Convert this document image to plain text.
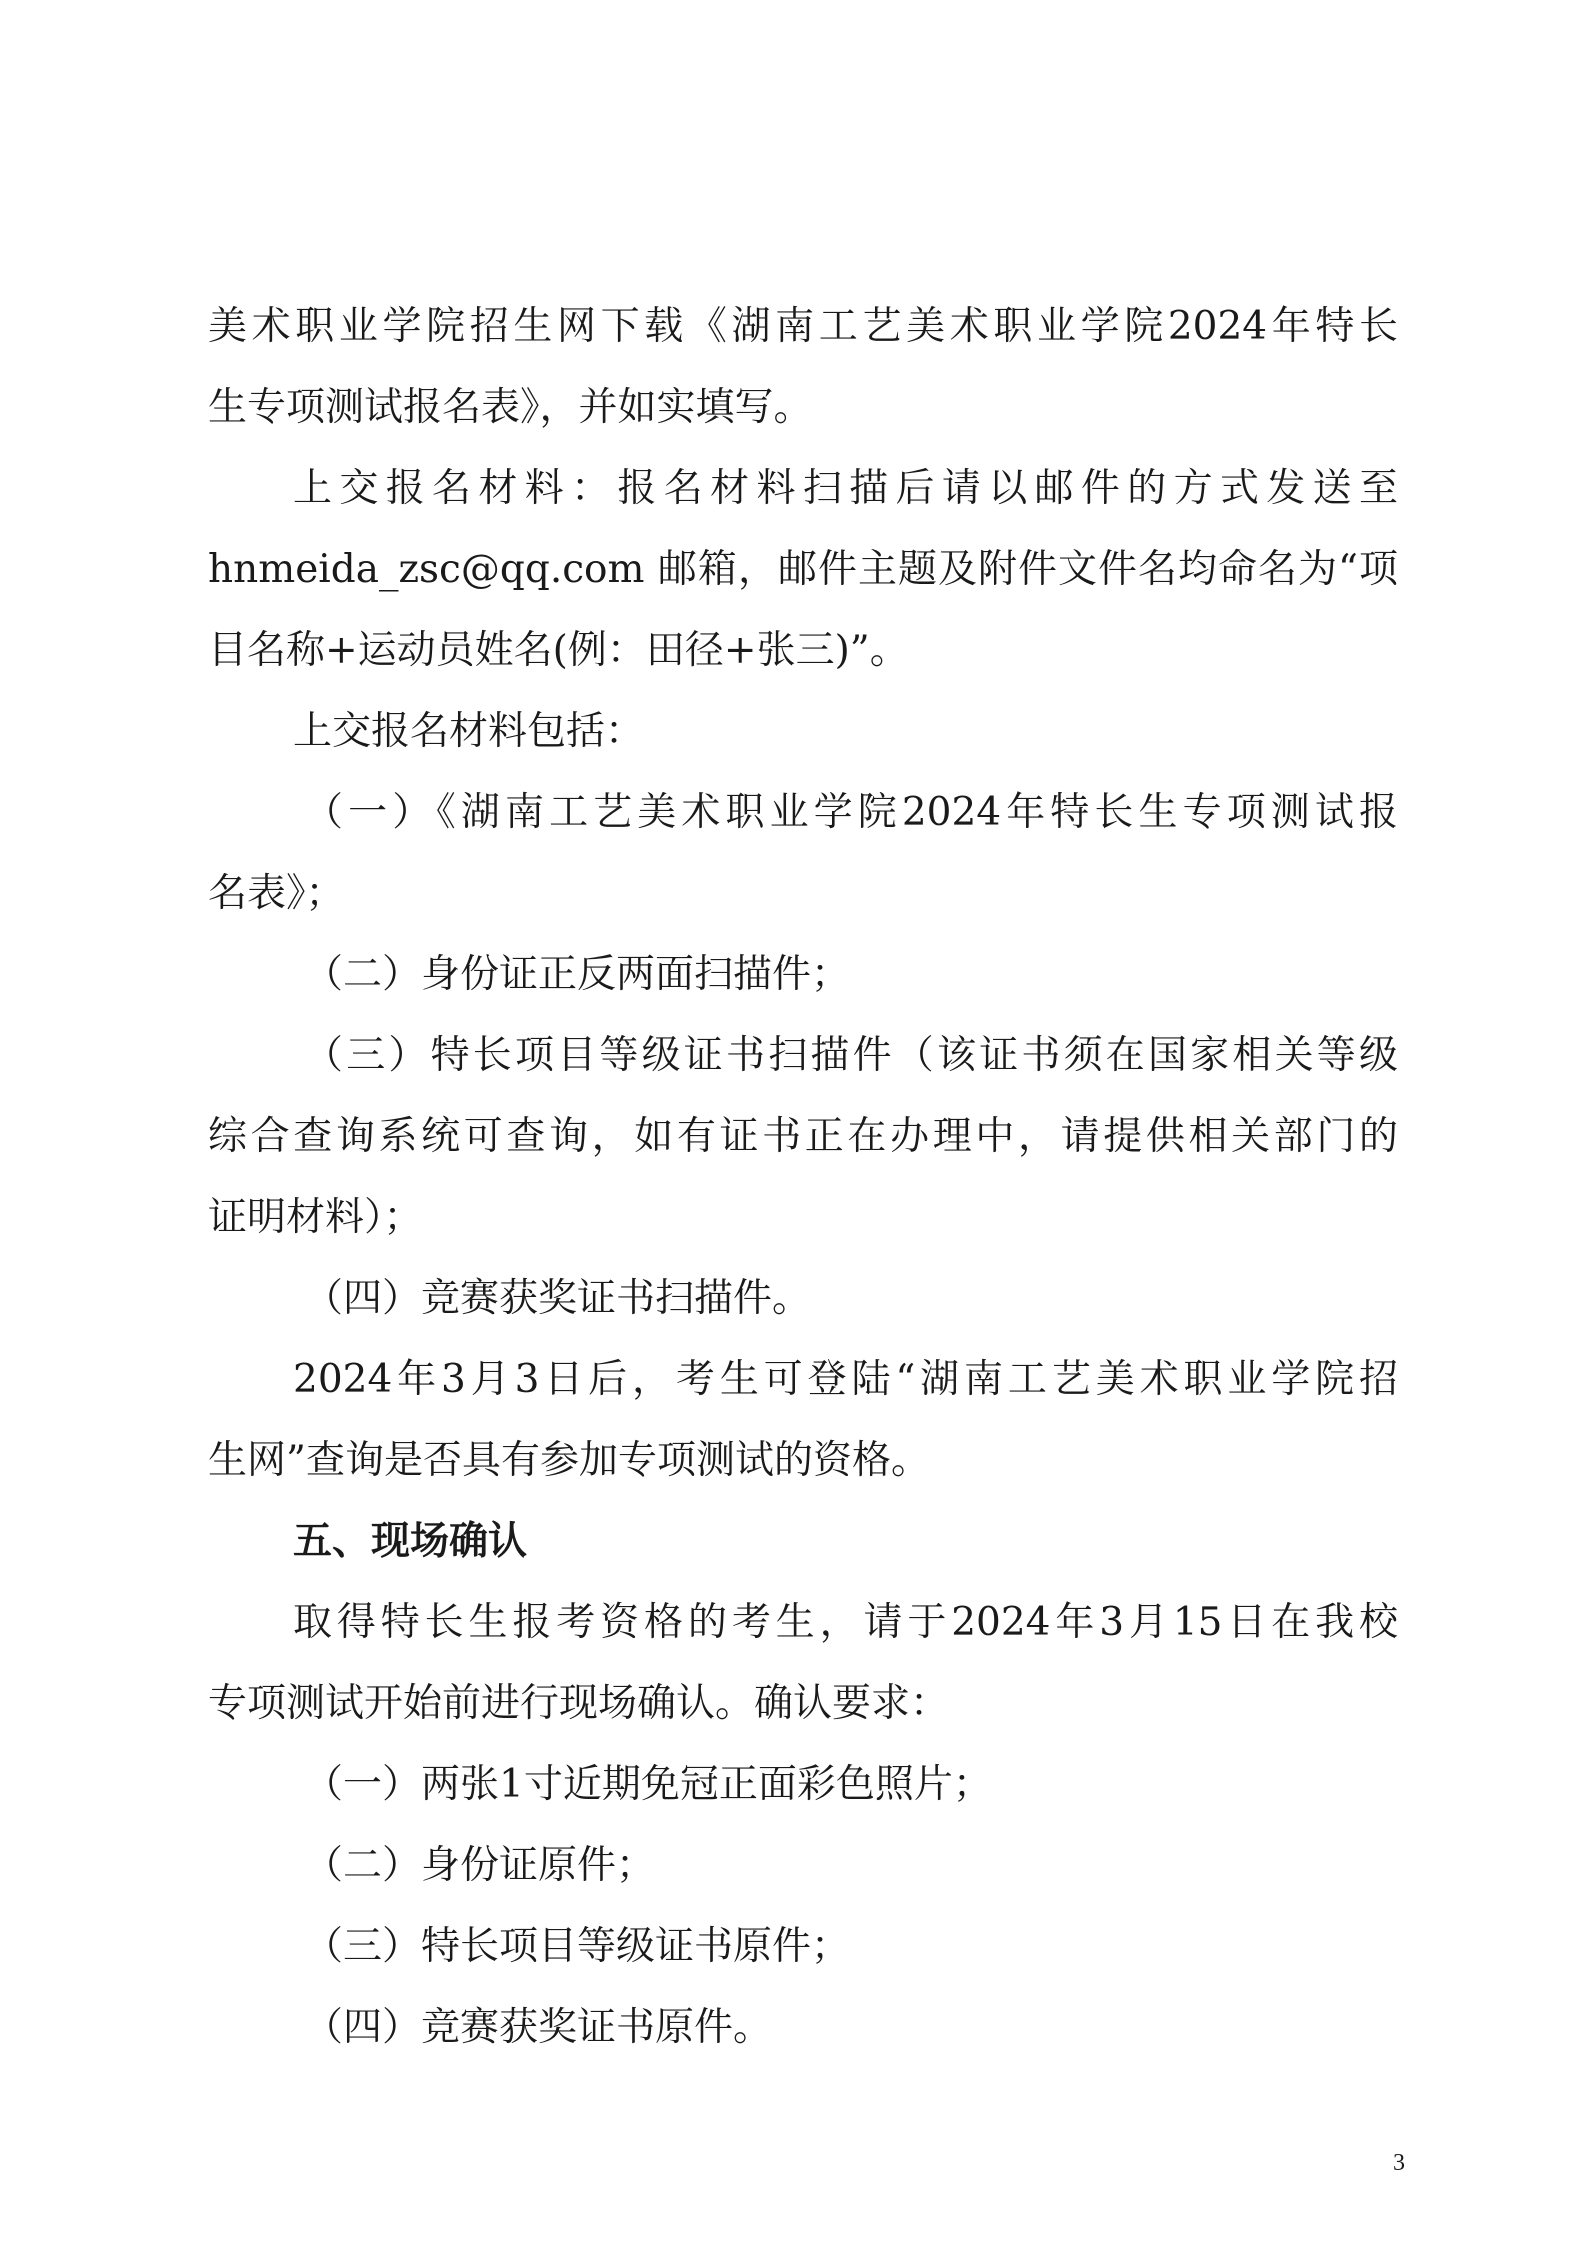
美术职业学院招生网下载《湖南工艺美术职业学院2024年特长
生专项测试报名表》，并如实填写。
上交报名材料：报名材料扫描后请以邮件的方式发送至
hnmeida_zsc@qq.com 邮箱，邮件主题及附件文件名均命名为“项
目名称+运动员姓名(例：田径+张三)”。
上交报名材料包括：
（一）《湖南工艺美术职业学院2024年特长生专项测试报
名表》；
（二）身份证正反两面扫描件；
（三）特长项目等级证书扫描件（该证书须在国家相关等级
综合查询系统可查询，如有证书正在办理中，请提供相关部门的
证明材料）；
（四）竞赛获奖证书扫描件。
2024年3月3日后，考生可登陆“湖南工艺美术职业学院招
生网”查询是否具有参加专项测试的资格。
五、现场确认
取得特长生报考资格的考生，请于2024年3月15日在我校
专项测试开始前进行现场确认。确认要求：
（一）两张1寸近期免冠正面彩色照片；
（二）身份证原件；
（三）特长项目等级证书原件；
（四）竞赛获奖证书原件。
3
